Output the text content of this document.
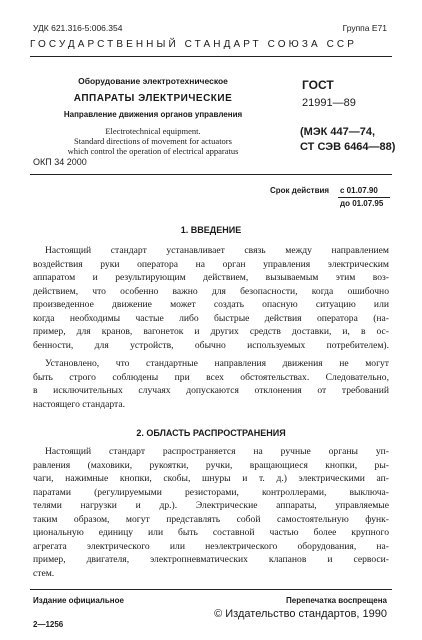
УДК 621.316-5:006.354	Группа Е71
ГОСУДАРСТВЕННЫЙ СТАНДАРТ СОЮЗА ССР
Оборудование электротехническое
АППАРАТЫ ЭЛЕКТРИЧЕСКИЕ
Направление движения органов управления
Electrotechnical equipment.
Standard directions of movement for actuators
which control the operation of electrical apparatus
ОКП 34 2000
ГОСТ
21991—89
(МЭК 447—74,
СТ СЭВ 6464—88)
Срок действия с 01.07.90
до 01.07.95
1. ВВЕДЕНИЕ
Настоящий стандарт устанавливает связь между направлением
воздействия руки оператора на орган управления электрическим
аппаратом и результирующим действием, вызываемым этим воз-
действием, что особенно важно для безопасности, когда ошибочно
произведенное движение может создать опасную ситуацию или
когда необходимы частые либо быстрые действия оператора (на-
пример, для кранов, вагонеток и других средств доставки, и, в ос-
бенности, для устройств, обычно используемых потребителем).
Установлено, что стандартные направления движения не могут
быть строго соблюдены при всех обстоятельствах. Следовательно,
в исключительных случаях допускаются отклонения от требований
настоящего стандарта.
2. ОБЛАСТЬ РАСПРОСТРАНЕНИЯ
Настоящий стандарт распространяется на ручные органы уп-
равления (маховики, рукоятки, ручки, вращающиеся кнопки, ры-
чаги, нажимные кнопки, скобы, шнуры и т. д.) электрическими ап-
паратами (регулируемыми резисторами, контроллерами, выключа-
телями нагрузки и др.). Электрические аппараты, управляемые
таким образом, могут представлять собой самостоятельную функ-
циональную единицу или быть составной частью более крупного
агрегата электрического или неэлектрического оборудования, на-
пример, двигателя, электропневматических клапанов и сервоси-
стем.
Издание официальное	Перепечатка воспрещена
© Издательство стандартов, 1990
2—1256
